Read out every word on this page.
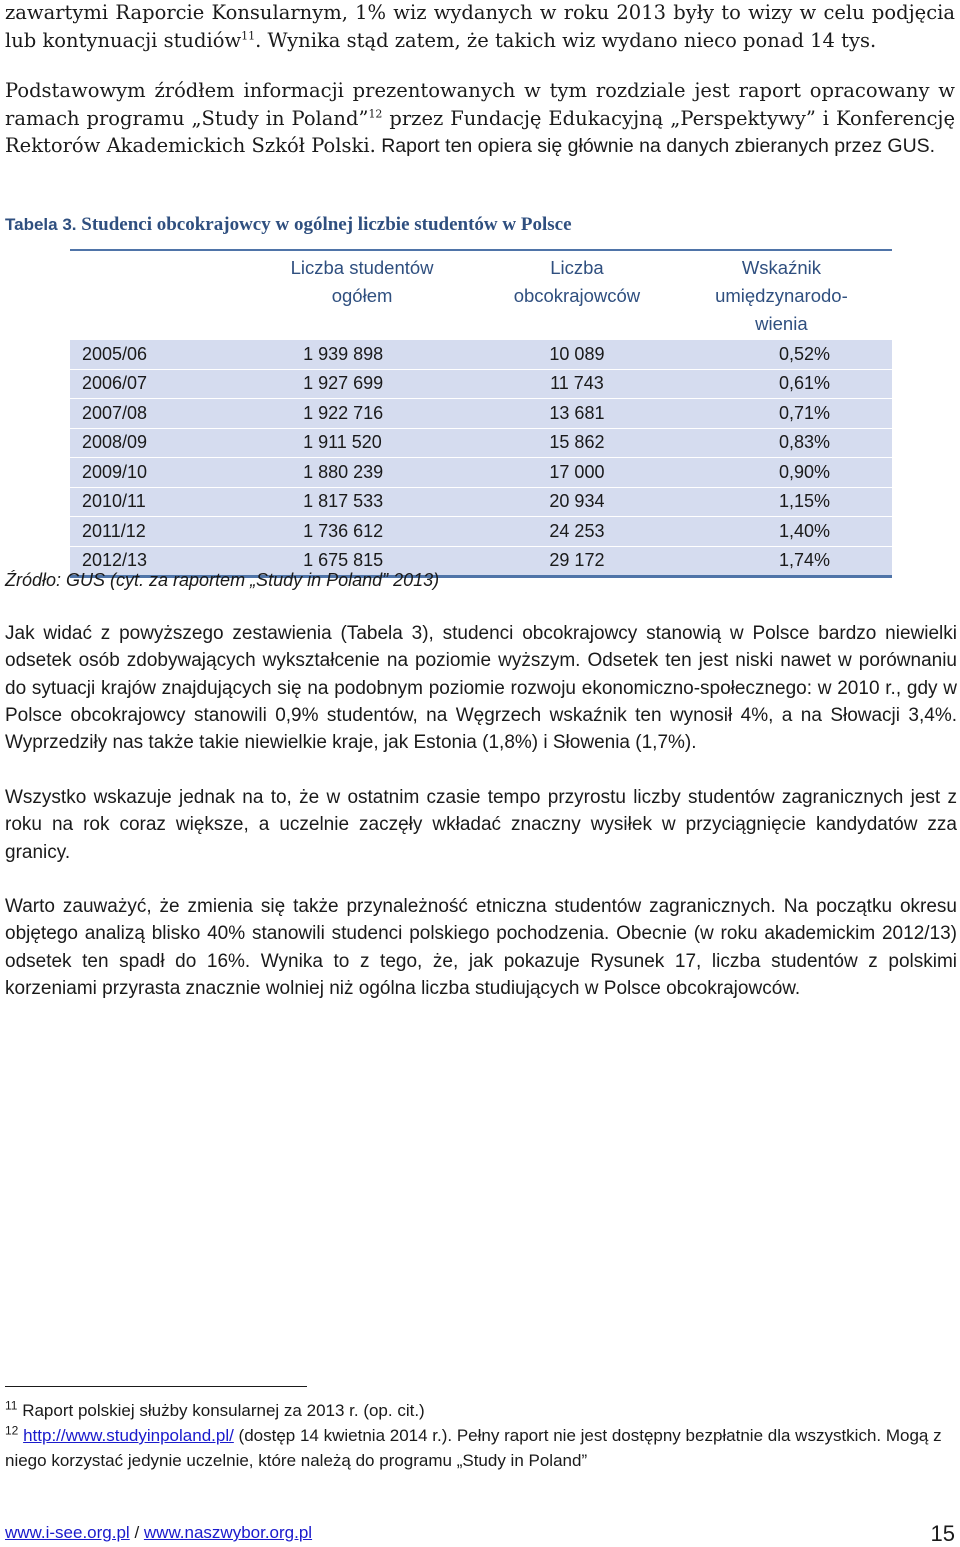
zawartymi Raporcie Konsularnym, 1% wiz wydanych w roku 2013 były to wizy w celu podjęcia lub kontynuacji studiów$^{11}$. Wynika stąd zatem, że takich wiz wydano nieco ponad 14 tys.

Podstawowym źródłem informacji prezentowanych w tym rozdziale jest raport opracowany w ramach programu „Study in Poland”$^{12}$ przez Fundację Edukacyjną „Perspektywy” i Konferencję Rektorów Akademickich Szkół Polski. Raport ten opiera się głównie na danych zbieranych przez GUS.

Tabela 3. Studenci obcokrajowcy w ogólnej liczbie studentów w Polsce
	Liczba studentów ogółem	Liczba obcokrajowców	Wskaźnik umiędzynarodo-wienia
2005/06	1 939 898	10 089	0,52%
2006/07	1 927 699	11 743	0,61%
2007/08	1 922 716	13 681	0,71%
2008/09	1 911 520	15 862	0,83%
2009/10	1 880 239	17 000	0,90%
2010/11	1 817 533	20 934	1,15%
2011/12	1 736 612	24 253	1,40%
2012/13	1 675 815	29 172	1,74%
Źródło: GUS (cyt. za raportem „Study in Poland” 2013)

Jak widać z powyższego zestawienia (Tabela 3), studenci obcokrajowcy stanowią w Polsce bardzo niewielki odsetek osób zdobywających wykształcenie na poziomie wyższym. Odsetek ten jest niski nawet w porównaniu do sytuacji krajów znajdujących się na podobnym poziomie rozwoju ekonomiczno-społecznego: w 2010 r., gdy w Polsce obcokrajowcy stanowili 0,9% studentów, na Węgrzech wskaźnik ten wynosił 4%, a na Słowacji 3,4%. Wyprzedziły nas także takie niewielkie kraje, jak Estonia (1,8%) i Słowenia (1,7%).

Wszystko wskazuje jednak na to, że w ostatnim czasie tempo przyrostu liczby studentów zagranicznych jest z roku na rok coraz większe, a uczelnie zaczęły wkładać znaczny wysiłek w przyciągnięcie kandydatów zza granicy.

Warto zauważyć, że zmienia się także przynależność etniczna studentów zagranicznych. Na początku okresu objętego analizą blisko 40% stanowili studenci polskiego pochodzenia. Obecnie (w roku akademickim 2012/13) odsetek ten spadł do 16%. Wynika to z tego, że, jak pokazuje Rysunek 17, liczba studentów z polskimi korzeniami przyrasta znacznie wolniej niż ogólna liczba studiujących w Polsce obcokrajowców.

$^{11}$ Raport polskiej służby konsularnej za 2013 r. (op. cit.)

$^{12}$ http://www.studyinpoland.pl/ (dostęp 14 kwietnia 2014 r.). Pełny raport nie jest dostępny bezpłatnie dla wszystkich. Mogą z niego korzystać jedynie uczelnie, które należą do programu „Study in Poland”

www.i-see.org.pl / www.naszwybor.org.pl	15
